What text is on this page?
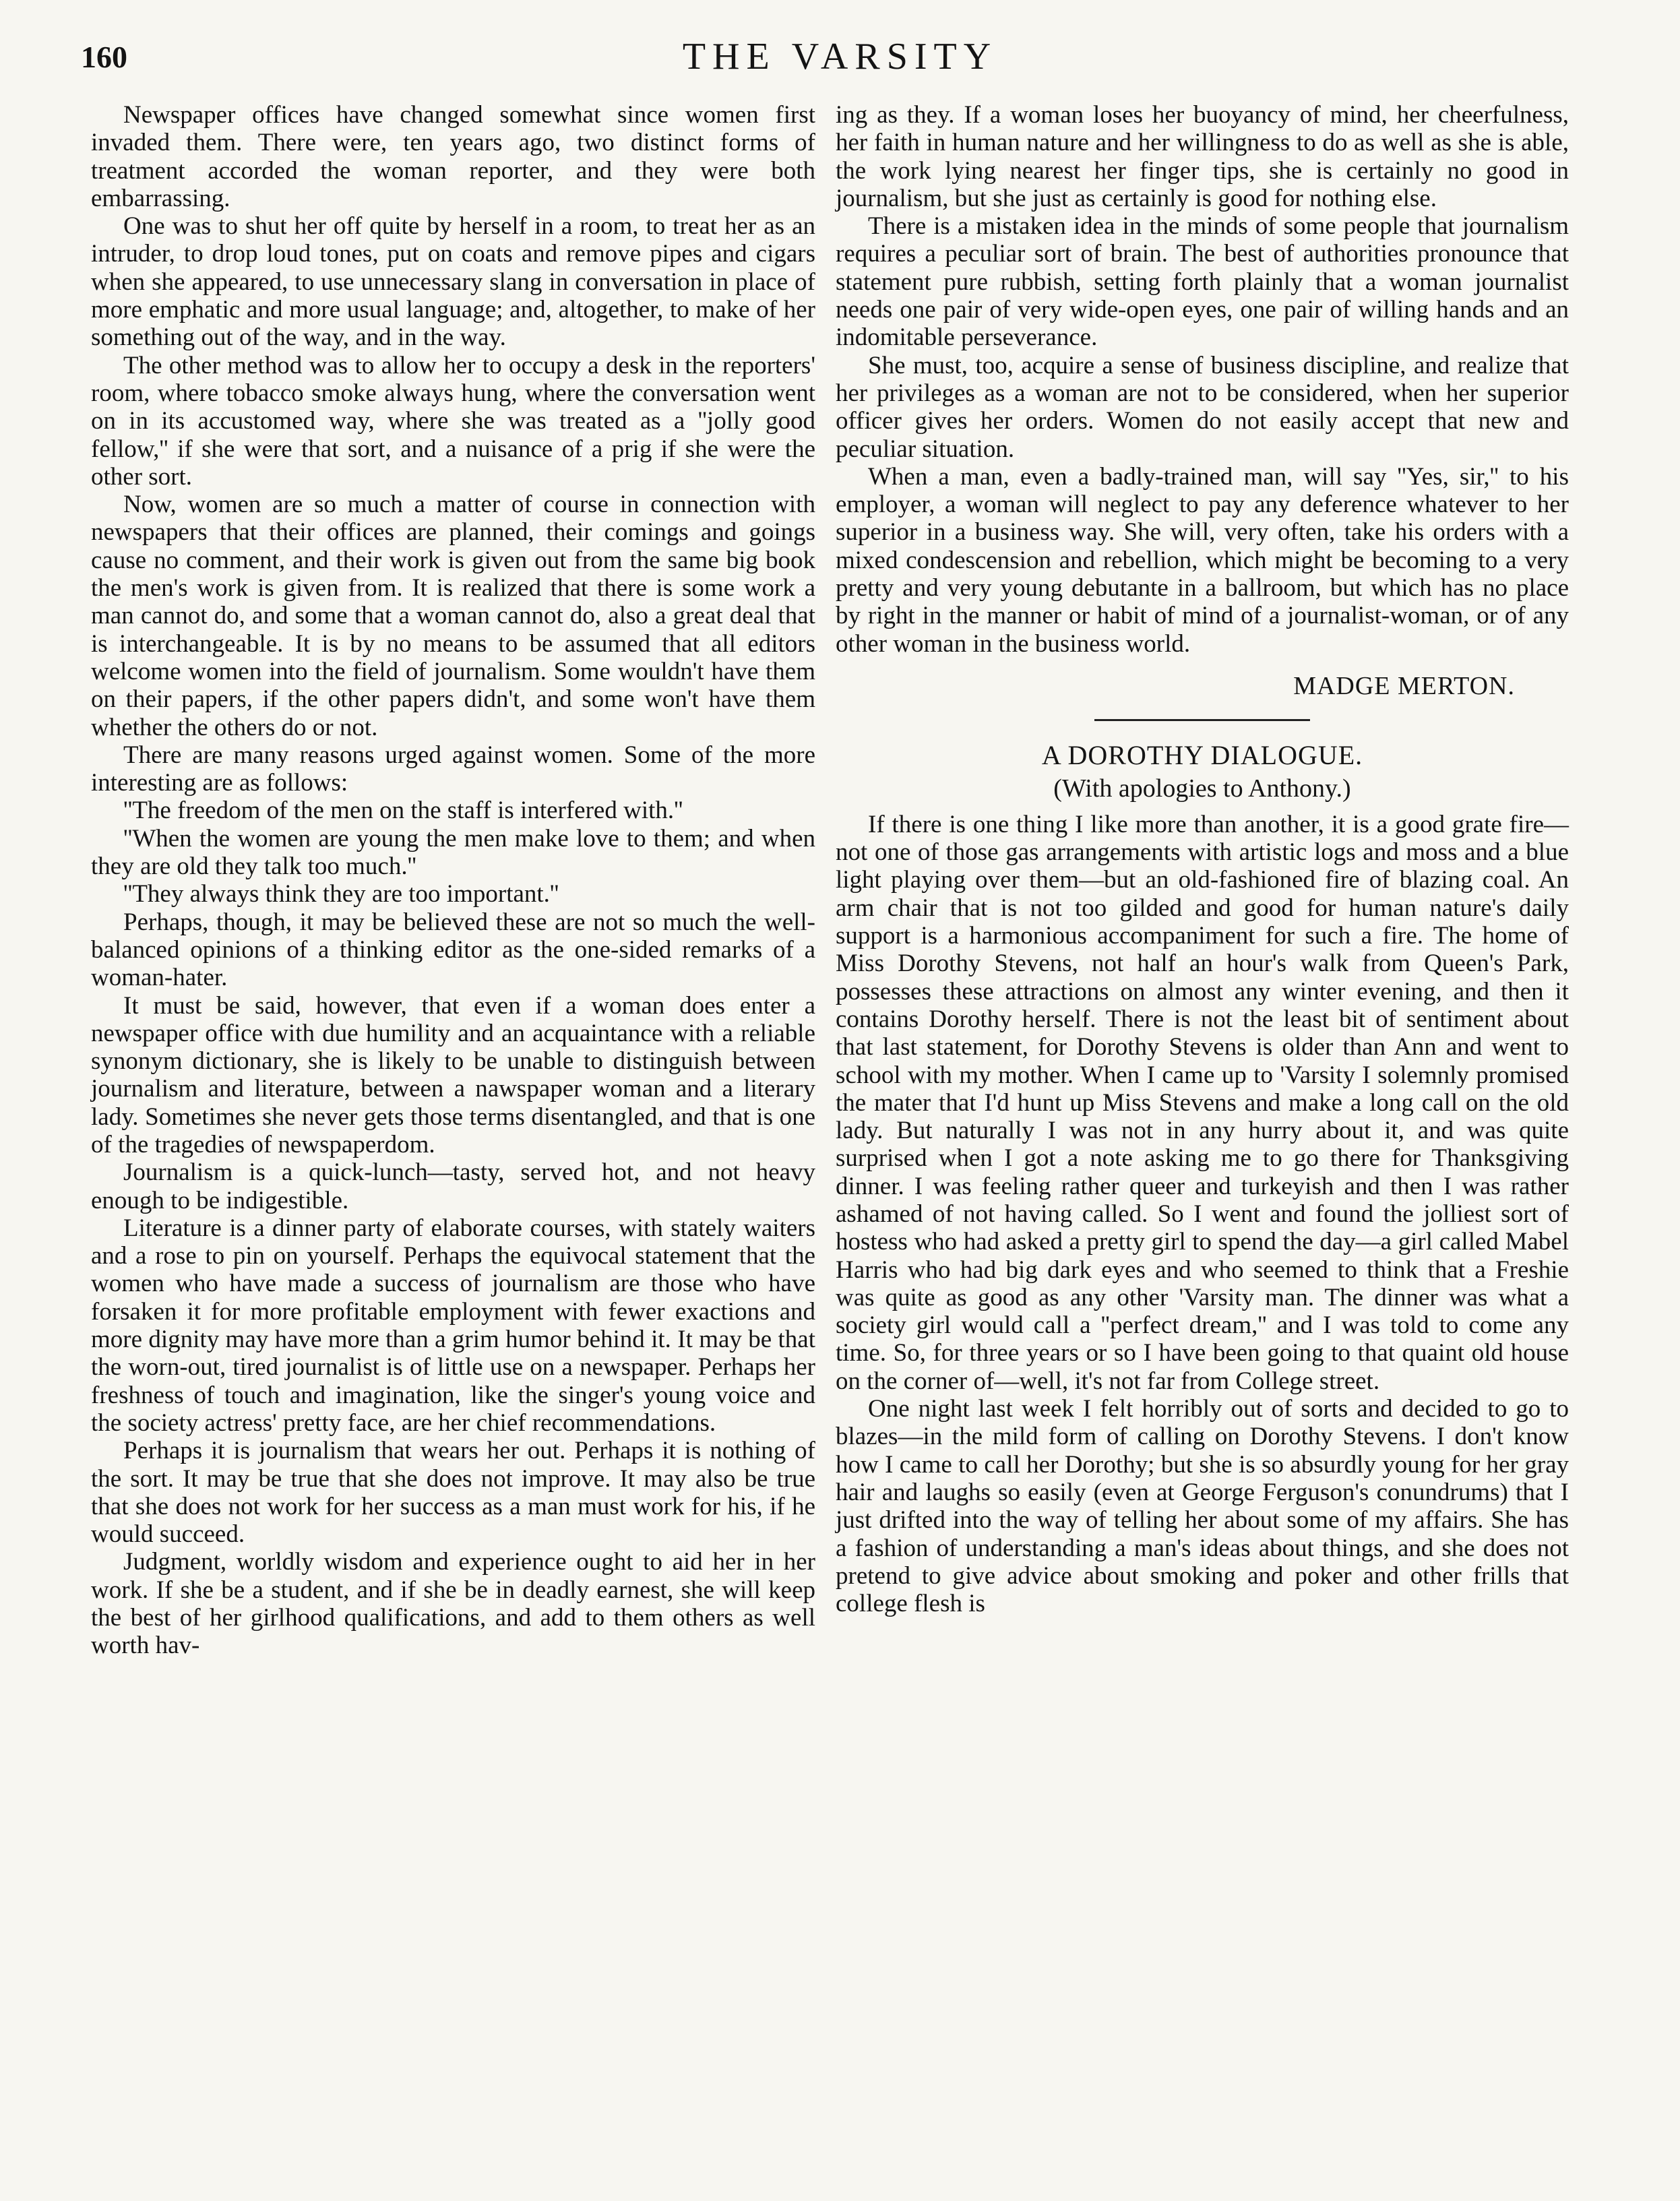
160	THE VARSITY

Newspaper offices have changed somewhat since women first invaded them. There were, ten years ago, two distinct forms of treatment accorded the woman reporter, and they were both embarrassing.

One was to shut her off quite by herself in a room, to treat her as an intruder, to drop loud tones, put on coats and remove pipes and cigars when she appeared, to use unnecessary slang in conversation in place of more emphatic and more usual language; and, altogether, to make of her something out of the way, and in the way.

The other method was to allow her to occupy a desk in the reporters' room, where tobacco smoke always hung, where the conversation went on in its accustomed way, where she was treated as a ''jolly good fellow,'' if she were that sort, and a nuisance of a prig if she were the other sort.

Now, women are so much a matter of course in connection with newspapers that their offices are planned, their comings and goings cause no comment, and their work is given out from the same big book the men's work is given from. It is realized that there is some work a man cannot do, and some that a woman cannot do, also a great deal that is interchangeable. It is by no means to be assumed that all editors welcome women into the field of journalism. Some wouldn't have them on their papers, if the other papers didn't, and some won't have them whether the others do or not.

There are many reasons urged against women. Some of the more interesting are as follows:

''The freedom of the men on the staff is interfered with.''

''When the women are young the men make love to them; and when they are old they talk too much.''

''They always think they are too important.''

Perhaps, though, it may be believed these are not so much the well-balanced opinions of a thinking editor as the one-sided remarks of a woman-hater.

It must be said, however, that even if a woman does enter a newspaper office with due humility and an acquaintance with a reliable synonym dictionary, she is likely to be unable to distinguish between journalism and literature, between a nawspaper woman and a literary lady. Sometimes she never gets those terms disentangled, and that is one of the tragedies of newspaperdom.

Journalism is a quick-lunch—tasty, served hot, and not heavy enough to be indigestible.

Literature is a dinner party of elaborate courses, with stately waiters and a rose to pin on yourself. Perhaps the equivocal statement that the women who have made a success of journalism are those who have forsaken it for more profitable employment with fewer exactions and more dignity may have more than a grim humor behind it. It may be that the worn-out, tired journalist is of little use on a newspaper. Perhaps her freshness of touch and imagination, like the singer's young voice and the society actress' pretty face, are her chief recommendations.

Perhaps it is journalism that wears her out. Perhaps it is nothing of the sort. It may be true that she does not improve. It may also be true that she does not work for her success as a man must work for his, if he would succeed.

Judgment, worldly wisdom and experience ought to aid her in her work. If she be a student, and if she be in deadly earnest, she will keep the best of her girlhood qualifications, and add to them others as well worth hav-

ing as they. If a woman loses her buoyancy of mind, her cheerfulness, her faith in human nature and her willingness to do as well as she is able, the work lying nearest her finger tips, she is certainly no good in journalism, but she just as certainly is good for nothing else.

There is a mistaken idea in the minds of some people that journalism requires a peculiar sort of brain. The best of authorities pronounce that statement pure rubbish, setting forth plainly that a woman journalist needs one pair of very wide-open eyes, one pair of willing hands and an indomitable perseverance.

She must, too, acquire a sense of business discipline, and realize that her privileges as a woman are not to be considered, when her superior officer gives her orders. Women do not easily accept that new and peculiar situation.

When a man, even a badly-trained man, will say ''Yes, sir,'' to his employer, a woman will neglect to pay any deference whatever to her superior in a business way. She will, very often, take his orders with a mixed condescension and rebellion, which might be becoming to a very pretty and very young debutante in a ballroom, but which has no place by right in the manner or habit of mind of a journalist-woman, or of any other woman in the business world.

MADGE MERTON.
A DOROTHY DIALOGUE.
(With apologies to Anthony.)

If there is one thing I like more than another, it is a good grate fire—not one of those gas arrangements with artistic logs and moss and a blue light playing over them—but an old-fashioned fire of blazing coal. An arm chair that is not too gilded and good for human nature's daily support is a harmonious accompaniment for such a fire. The home of Miss Dorothy Stevens, not half an hour's walk from Queen's Park, possesses these attractions on almost any winter evening, and then it contains Dorothy herself. There is not the least bit of sentiment about that last statement, for Dorothy Stevens is older than Ann and went to school with my mother. When I came up to 'Varsity I solemnly promised the mater that I'd hunt up Miss Stevens and make a long call on the old lady. But naturally I was not in any hurry about it, and was quite surprised when I got a note asking me to go there for Thanksgiving dinner. I was feeling rather queer and turkeyish and then I was rather ashamed of not having called. So I went and found the jolliest sort of hostess who had asked a pretty girl to spend the day—a girl called Mabel Harris who had big dark eyes and who seemed to think that a Freshie was quite as good as any other 'Varsity man. The dinner was what a society girl would call a ''perfect dream,'' and I was told to come any time. So, for three years or so I have been going to that quaint old house on the corner of—well, it's not far from College street.

One night last week I felt horribly out of sorts and decided to go to blazes—in the mild form of calling on Dorothy Stevens. I don't know how I came to call her Dorothy; but she is so absurdly young for her gray hair and laughs so easily (even at George Ferguson's conundrums) that I just drifted into the way of telling her about some of my affairs. She has a fashion of understanding a man's ideas about things, and she does not pretend to give advice about smoking and poker and other frills that college flesh is
